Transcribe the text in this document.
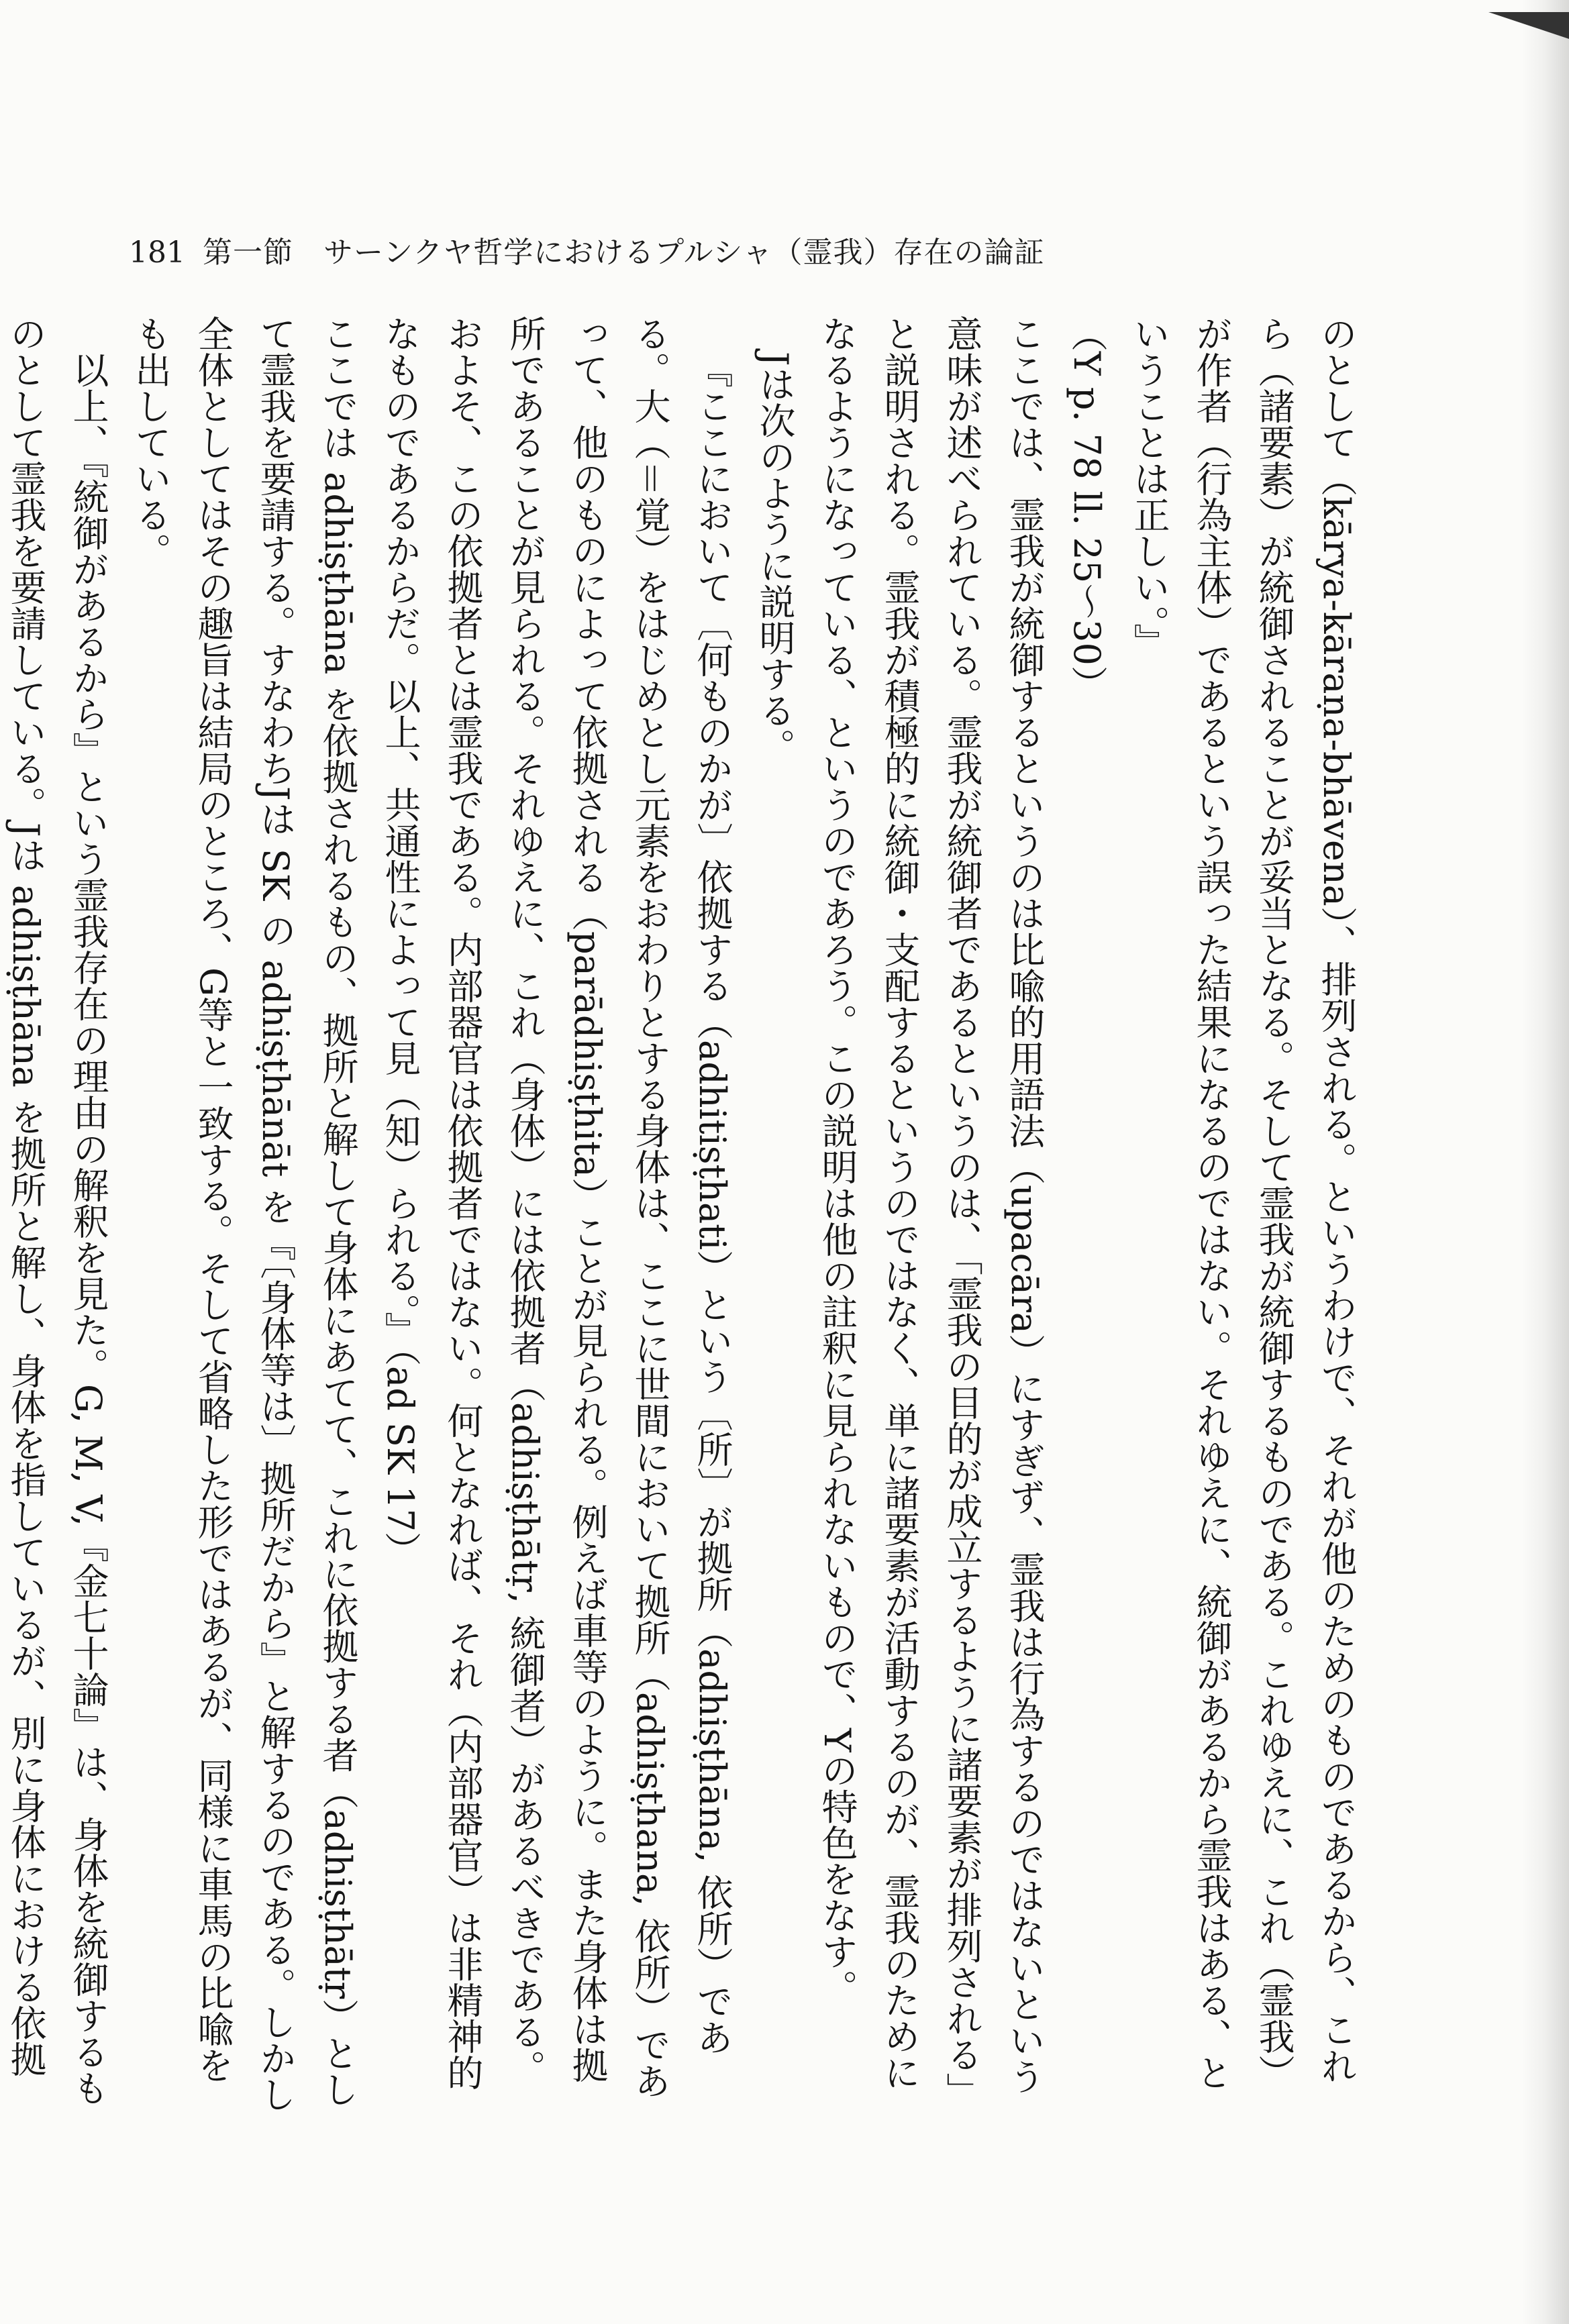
181 第一節　サーンクヤ哲学におけるプルシャ（霊我）存在の論証

のとして（kārya-kāraṇa-bhāvena）、排列される。というわけで、それが他のためのものであるから、これら（諸要素）が統御されることが妥当となる。そして霊我が統御するものである。これゆえに、これ（霊我）が作者（行為主体）であるという誤った結果になるのではない。それゆえに、統御があるから霊我はある、ということは正しい。』

（Y p. 78 ll. 25〜30）

ここでは、霊我が統御するというのは比喩的用語法（upacāra）にすぎず、霊我は行為するのではないという意味が述べられている。霊我が統御者であるというのは、「霊我の目的が成立するように諸要素が排列される」と説明される。霊我が積極的に統御・支配するというのではなく、単に諸要素が活動するのが、霊我のためになるようになっている、というのであろう。この説明は他の註釈に見られないもので、Yの特色をなす。

Jは次のように説明する。

『ここにおいて〔何ものかが〕依拠する（adhitiṣṭhati）という〔所〕が拠所（adhiṣṭhāna, 依所）である。大（＝覚）をはじめとし元素をおわりとする身体は、ここに世間において拠所（adhiṣṭhana, 依所）であって、他のものによって依拠される（parādhiṣṭhita）ことが見られる。例えば車等のように。また身体は拠所であることが見られる。それゆえに、これ（身体）には依拠者（adhiṣṭhātṛ, 統御者）があるべきである。およそ、この依拠者とは霊我である。内部器官は依拠者ではない。何となれば、それ（内部器官）は非精神的なものであるからだ。以上、共通性によって見（知）られる。』（ad SK 17）

ここでは adhiṣṭhāna を依拠されるもの、拠所と解して身体にあてて、これに依拠する者（adhiṣṭhātṛ）として霊我を要請する。すなわちJは SK の adhiṣṭhānāt を『〔身体等は〕拠所だから』と解するのである。しかし全体としてはその趣旨は結局のところ、G等と一致する。そして省略した形ではあるが、同様に車馬の比喩をも出している。

以上、『統御があるから』という霊我存在の理由の解釈を見た。G, M, V,『金七十論』は、身体を統御するものとして霊我を要請している。Jは adhiṣṭhāna を拠所と解し、身体を指しているが、別に身体における依拠
